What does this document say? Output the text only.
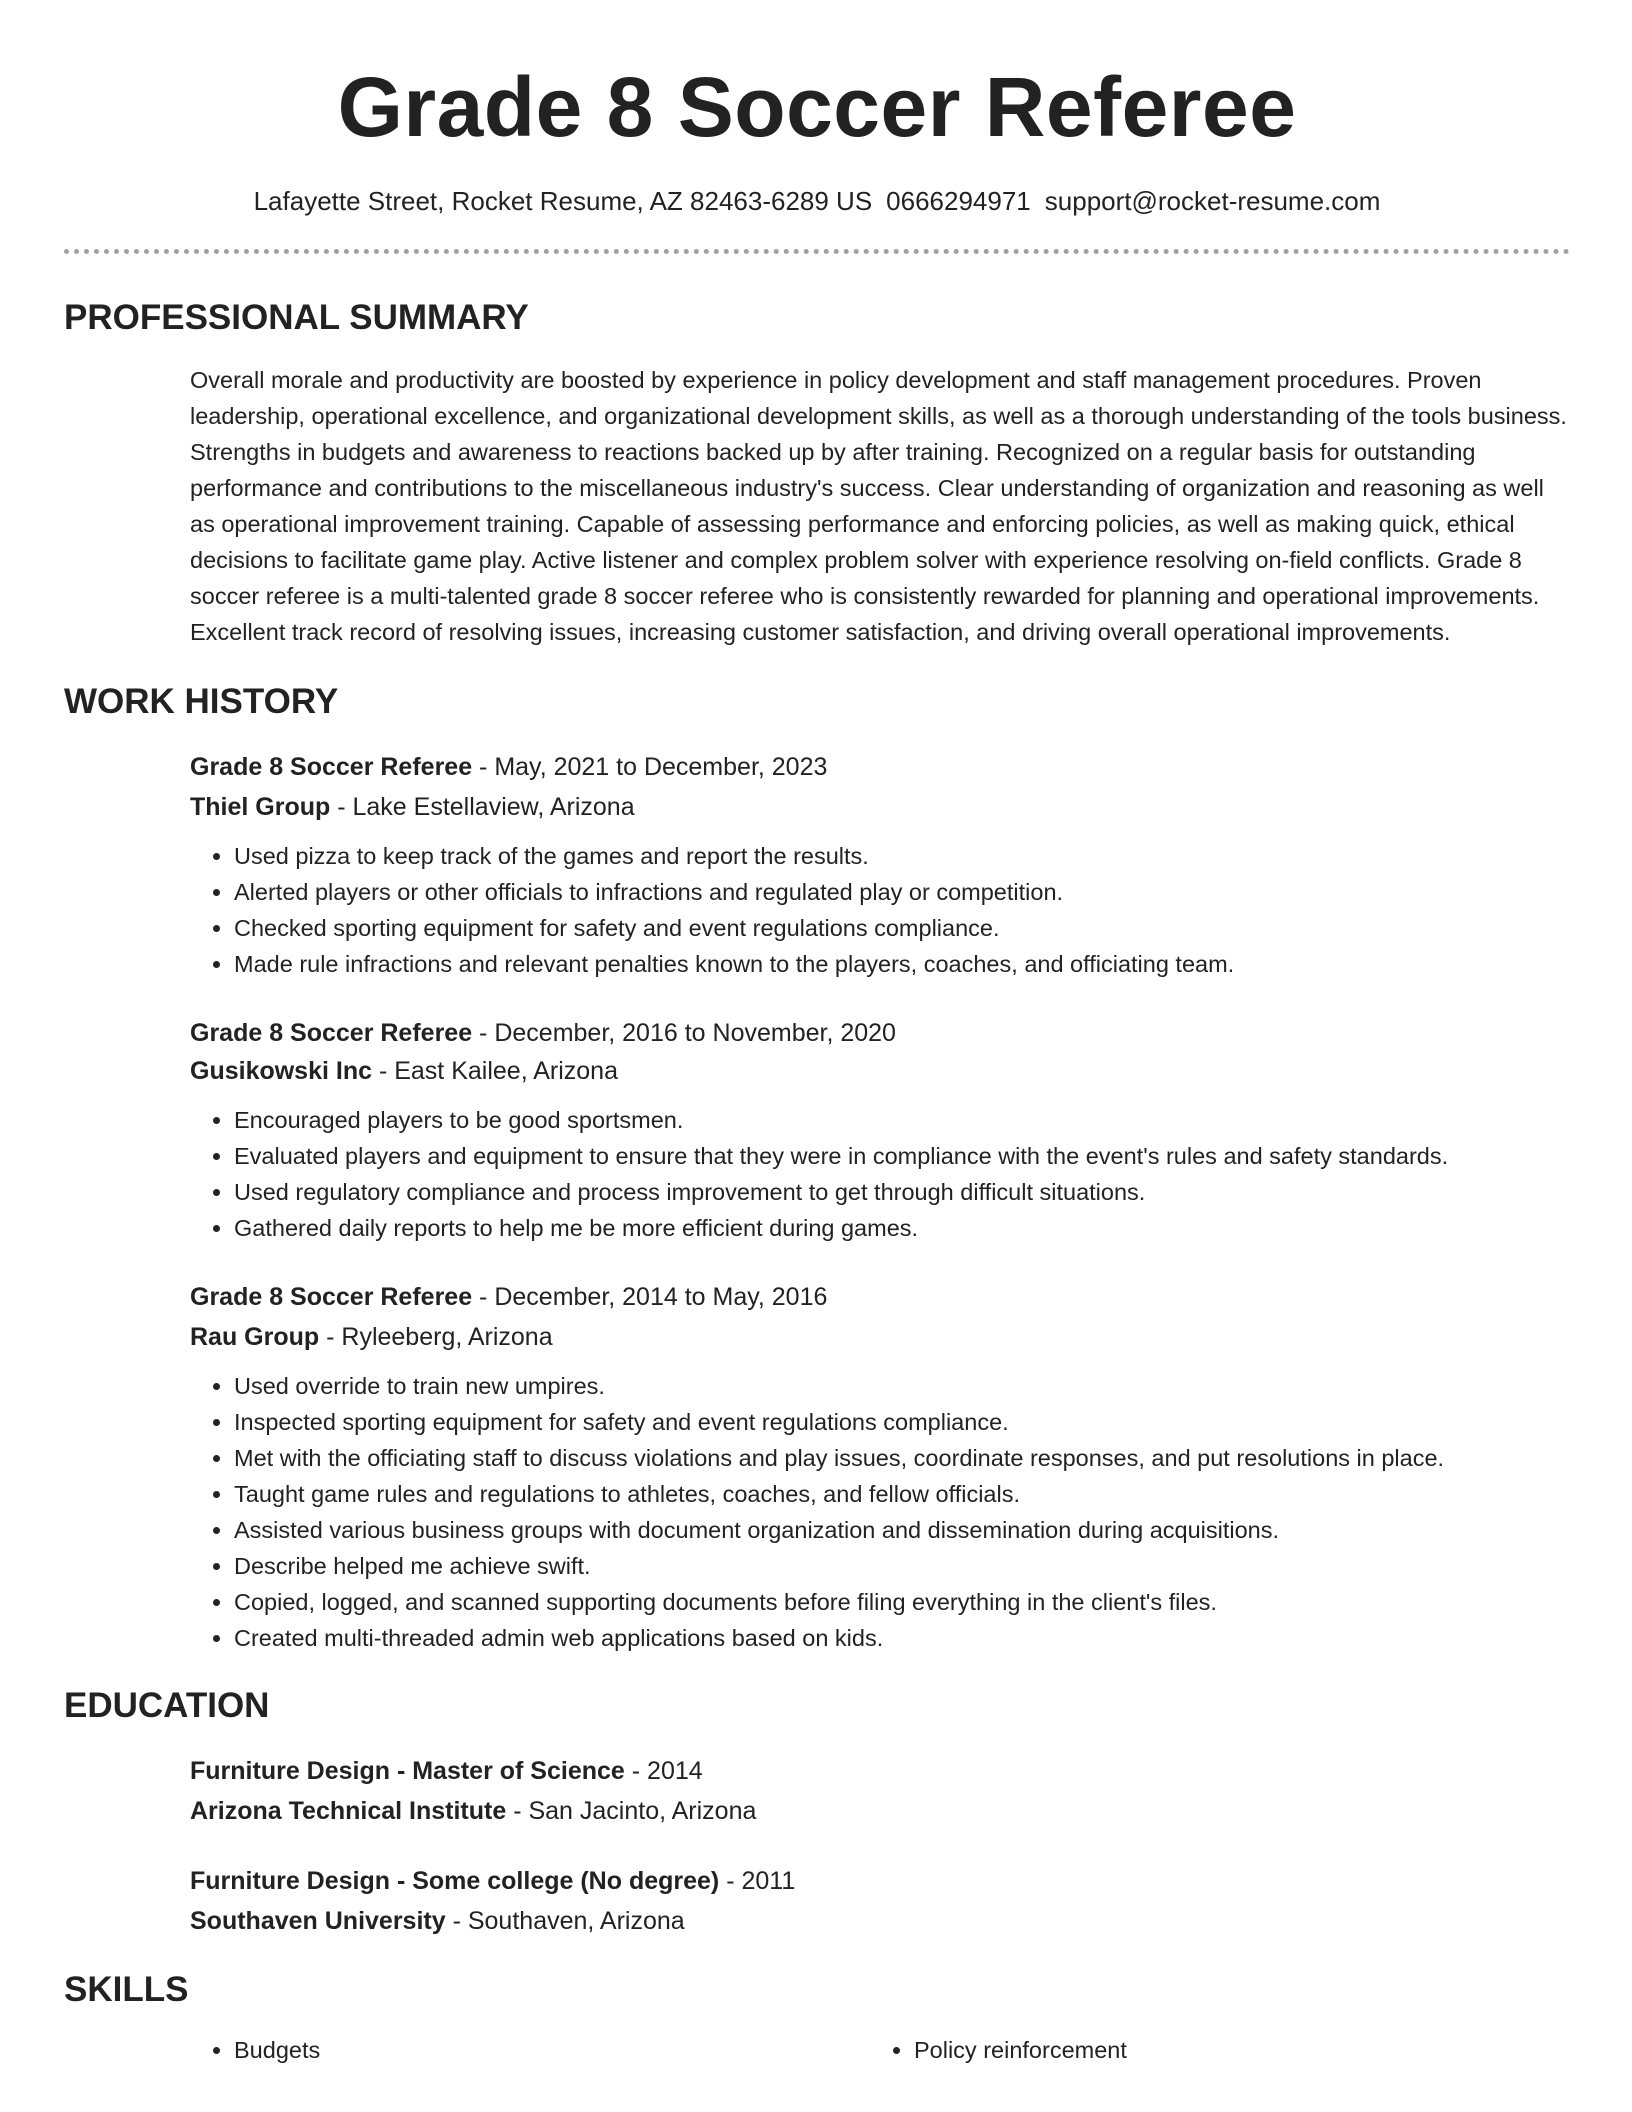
Grade 8 Soccer Referee
Lafayette Street, Rocket Resume, AZ 82463-6289 US 0666294971 support@rocket-resume.com
PROFESSIONAL SUMMARY
Overall morale and productivity are boosted by experience in policy development and staff management procedures. Proven leadership, operational excellence, and organizational development skills, as well as a thorough understanding of the tools business. Strengths in budgets and awareness to reactions backed up by after training. Recognized on a regular basis for outstanding performance and contributions to the miscellaneous industry's success. Clear understanding of organization and reasoning as well as operational improvement training. Capable of assessing performance and enforcing policies, as well as making quick, ethical decisions to facilitate game play. Active listener and complex problem solver with experience resolving on-field conflicts. Grade 8 soccer referee is a multi-talented grade 8 soccer referee who is consistently rewarded for planning and operational improvements. Excellent track record of resolving issues, increasing customer satisfaction, and driving overall operational improvements.
WORK HISTORY
Grade 8 Soccer Referee - May, 2021 to December, 2023
Thiel Group - Lake Estellaview, Arizona
• Used pizza to keep track of the games and report the results.
• Alerted players or other officials to infractions and regulated play or competition.
• Checked sporting equipment for safety and event regulations compliance.
• Made rule infractions and relevant penalties known to the players, coaches, and officiating team.
Grade 8 Soccer Referee - December, 2016 to November, 2020
Gusikowski Inc - East Kailee, Arizona
• Encouraged players to be good sportsmen.
• Evaluated players and equipment to ensure that they were in compliance with the event's rules and safety standards.
• Used regulatory compliance and process improvement to get through difficult situations.
• Gathered daily reports to help me be more efficient during games.
Grade 8 Soccer Referee - December, 2014 to May, 2016
Rau Group - Ryleeberg, Arizona
• Used override to train new umpires.
• Inspected sporting equipment for safety and event regulations compliance.
• Met with the officiating staff to discuss violations and play issues, coordinate responses, and put resolutions in place.
• Taught game rules and regulations to athletes, coaches, and fellow officials.
• Assisted various business groups with document organization and dissemination during acquisitions.
• Describe helped me achieve swift.
• Copied, logged, and scanned supporting documents before filing everything in the client's files.
• Created multi-threaded admin web applications based on kids.
EDUCATION
Furniture Design - Master of Science - 2014
Arizona Technical Institute - San Jacinto, Arizona
Furniture Design - Some college (No degree) - 2011
Southaven University - Southaven, Arizona
SKILLS
• Budgets
•	Policy reinforcement
